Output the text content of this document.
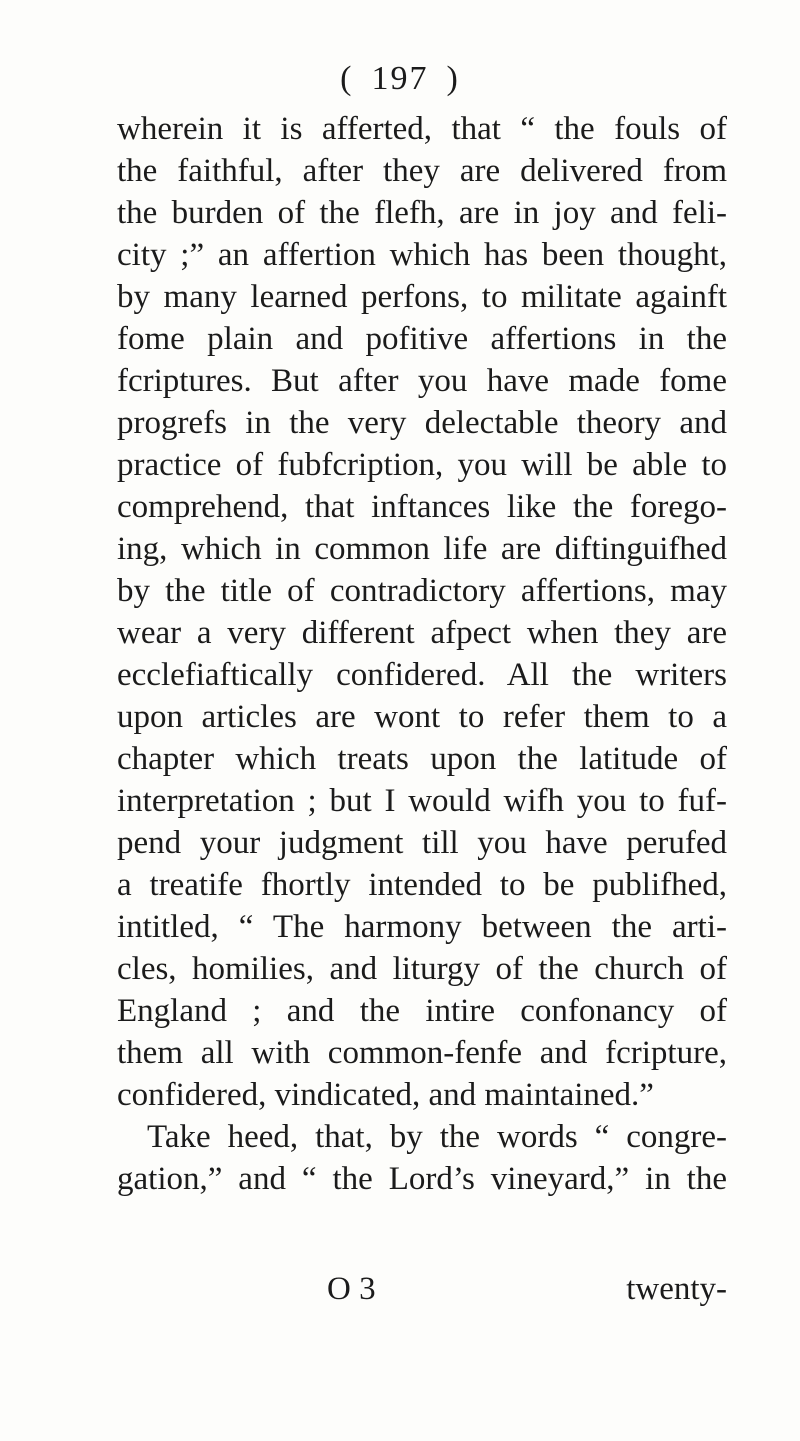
( 197 )
wherein it is afferted, that “ the fouls of
the faithful, after they are delivered from
the burden of the flefh, are in joy and feli-
city ;” an affertion which has been thought,
by many learned perfons, to militate againft
fome plain and pofitive affertions in the
fcriptures. But after you have made fome
progrefs in the very delectable theory and
practice of fubfcription, you will be able to
comprehend, that inftances like the forego-
ing, which in common life are diftinguifhed
by the title of contradictory affertions, may
wear a very different afpect when they are
ecclefiaftically confidered. All the writers
upon articles are wont to refer them to a
chapter which treats upon the latitude of
interpretation ; but I would wifh you to fuf-
pend your judgment till you have perufed
a treatife fhortly intended to be publifhed,
intitled, “ The harmony between the arti-
cles, homilies, and liturgy of the church of
England ; and the intire confonancy of
them all with common-fenfe and fcripture,
confidered, vindicated, and maintained.”
Take heed, that, by the words “ congre-
gation,” and “ the Lord’s vineyard,” in the
O 3	twenty-
